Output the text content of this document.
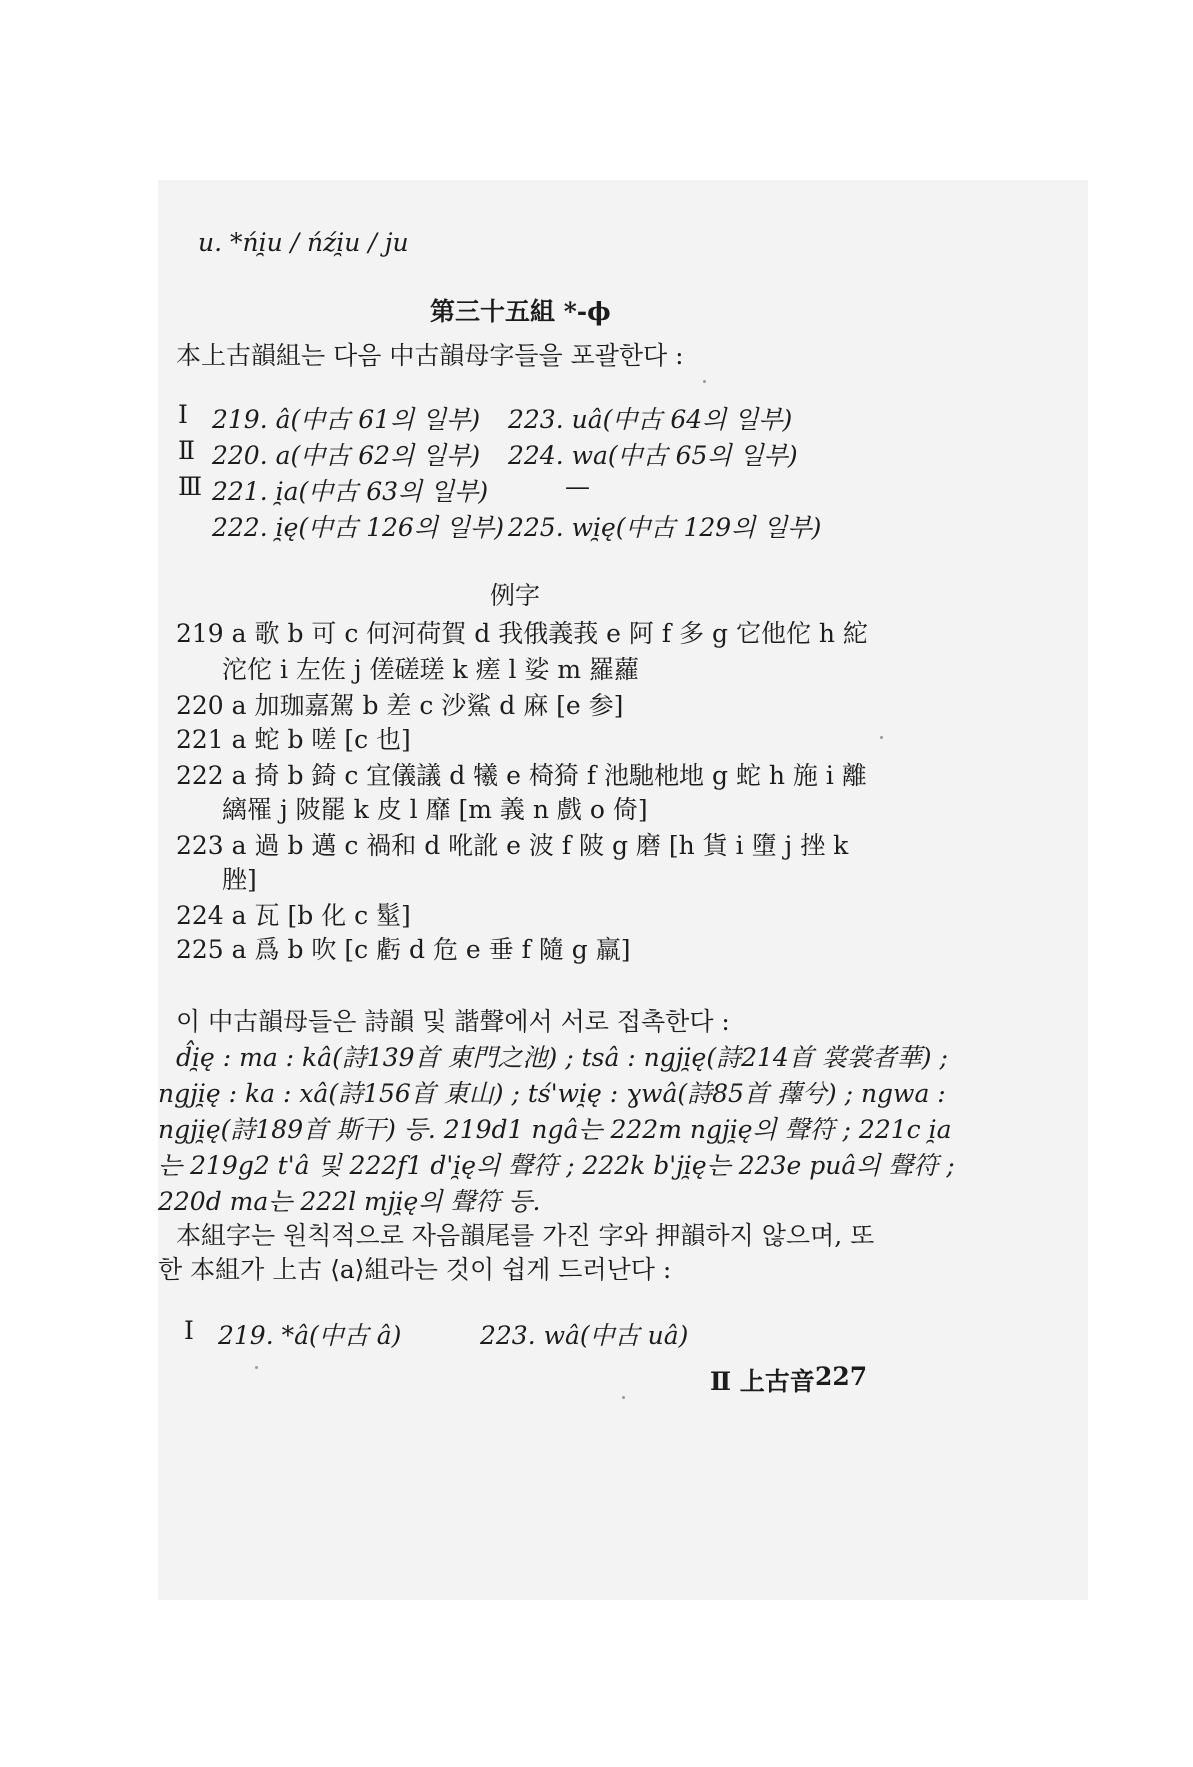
u. *ńi̯u / ńźi̯u / ju
第三十五組 *-ϕ
本上古韻組는 다음 中古韻母字들을 포괄한다 :
Ⅰ 219. â(中古 61의 일부) 223. uâ(中古 64의 일부)
Ⅱ 220. a(中古 62의 일부) 224. wa(中古 65의 일부)
Ⅲ 221. i̯a(中古 63의 일부)	—
222. i̯ę(中古 126의 일부) 225. wi̯ę(中古 129의 일부)
例字
219 a 歌 b 可 c 何河荷賀 d 我俄義莪 e 阿 f 多 g 它他佗 h 紽
沱佗 i 左佐 j 傞磋瑳 k 瘥 l 娑 m 羅蘿
220 a 加珈嘉駕 b 差 c 沙鯊 d 麻 [e 参]
221 a 蛇 b 嗟 [c 也]
222 a 掎 b 錡 c 宜儀議 d 犧 e 椅猗 f 池馳杝地 g 蛇 h 施 i 離
縭罹 j 陂罷 k 皮 l 靡 [m 義 n 戲 o 倚]
223 a 過 b 邁 c 禍和 d 吪訛 e 波 f 陂 g 磨 [h 貨 i 墮 j 挫 k
脞]
224 a 瓦 [b 化 c 髽]
225 a 爲 b 吹 [c 虧 d 危 e 垂 f 隨 g 羸]
이 中古韻母들은 詩韻 및 諧聲에서 서로 접촉한다 :
d̂i̯ę : ma : kâ(詩139首 東門之池) ; tsâ : ngji̯ę(詩214首 裳裳者華) ;
ngji̯ę : ka : xâ(詩156首 東山) ; tś'wi̯ę : ɣwâ(詩85首 蘀兮) ; ngwa :
ngji̯ę(詩189首 斯干) 등. 219d1 ngâ는 222m ngji̯ę의 聲符 ; 221c i̯a
는 219g2 t'â 및 222f1 d'i̯ę의 聲符 ; 222k b'ji̯ę는 223e puâ의 聲符 ;
220d ma는 222l mji̯ę의 聲符 등.
本組字는 원칙적으로 자음韻尾를 가진 字와 押韻하지 않으며, 또
한 本組가 上古 ⟨a⟩組라는 것이 쉽게 드러난다 :
Ⅰ 219. *â(中古 â)	223. wâ(中古 uâ)
Ⅱ 上古音 227
